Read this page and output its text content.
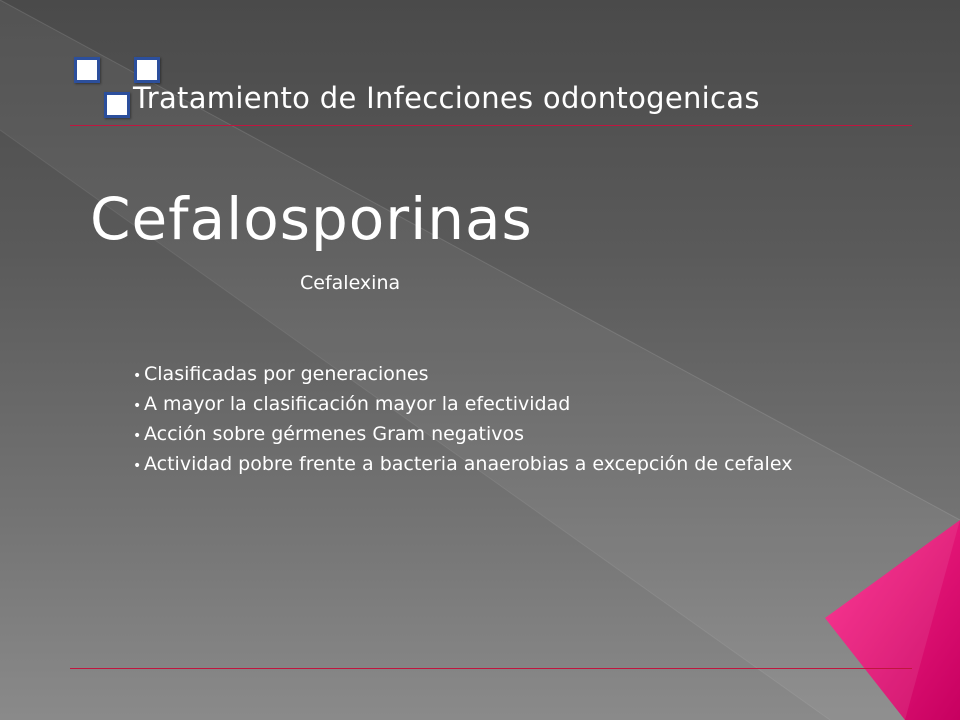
Tratamiento de Infecciones odontogenicas
Cefalosporinas
Cefalexina
• Clasificadas por generaciones
• A mayor la clasificación mayor la efectividad
• Acción sobre gérmenes Gram negativos
• Actividad pobre frente a bacteria anaerobias a excepción de cefalex
